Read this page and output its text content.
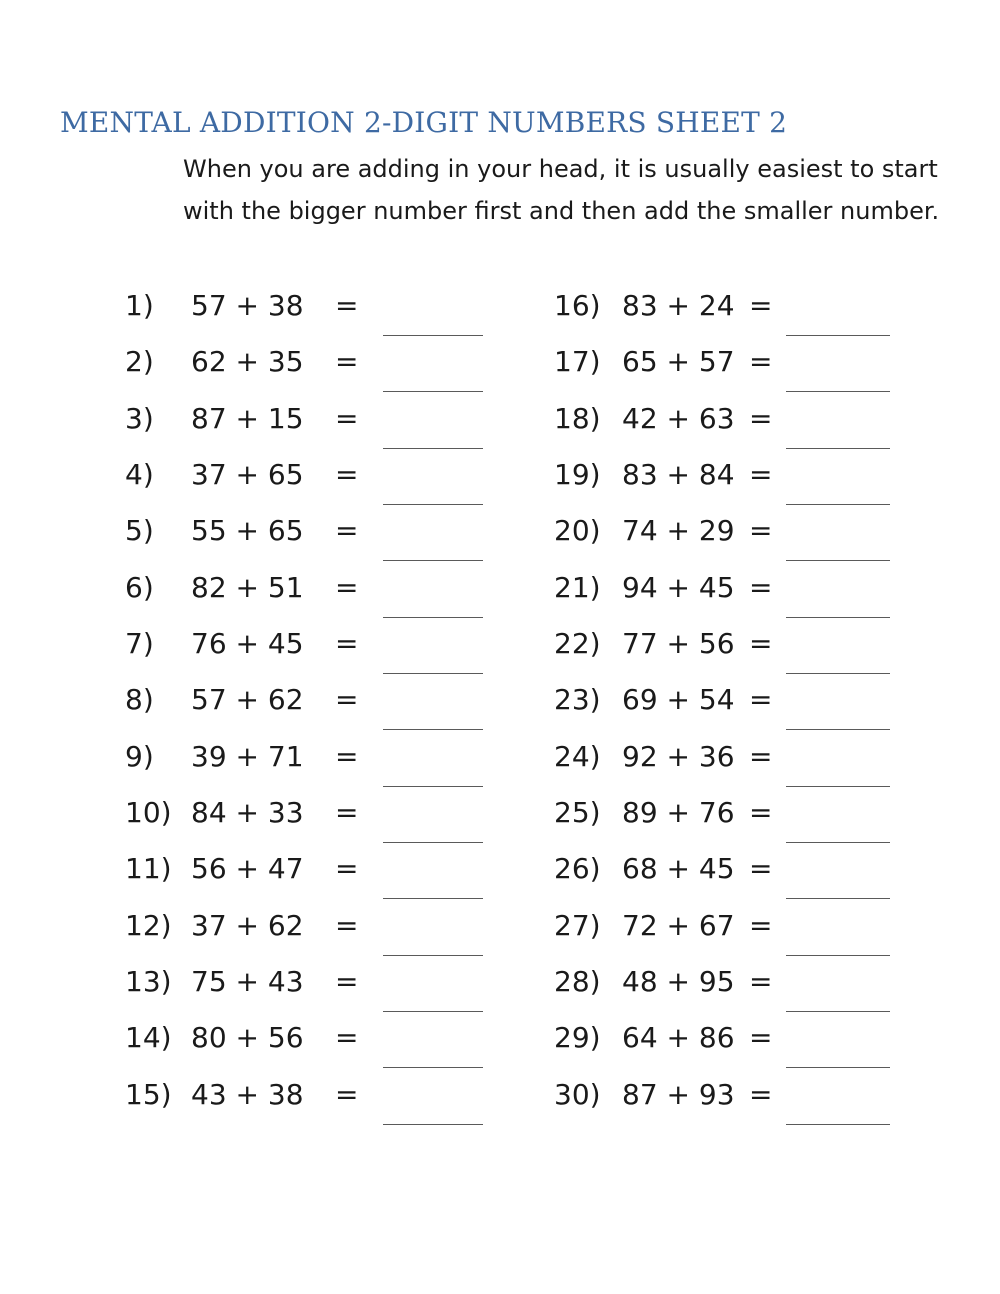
MENTAL ADDITION 2-DIGIT NUMBERS SHEET 2
When you are adding in your head, it is usually easiest to start
with the bigger number first and then add the smaller number.
1) 57 + 38 =
2) 62 + 35 =
3) 87 + 15 =
4) 37 + 65 =
5) 55 + 65 =
6) 82 + 51 =
7) 76 + 45 =
8) 57 + 62 =
9) 39 + 71 =
10) 84 + 33 =
11) 56 + 47 =
12) 37 + 62 =
13) 75 + 43 =
14) 80 + 56 =
15) 43 + 38 =
16) 83 + 24 =
17) 65 + 57 =
18) 42 + 63 =
19) 83 + 84 =
20) 74 + 29 =
21) 94 + 45 =
22) 77 + 56 =
23) 69 + 54 =
24) 92 + 36 =
25) 89 + 76 =
26) 68 + 45 =
27) 72 + 67 =
28) 48 + 95 =
29) 64 + 86 =
30) 87 + 93 =
